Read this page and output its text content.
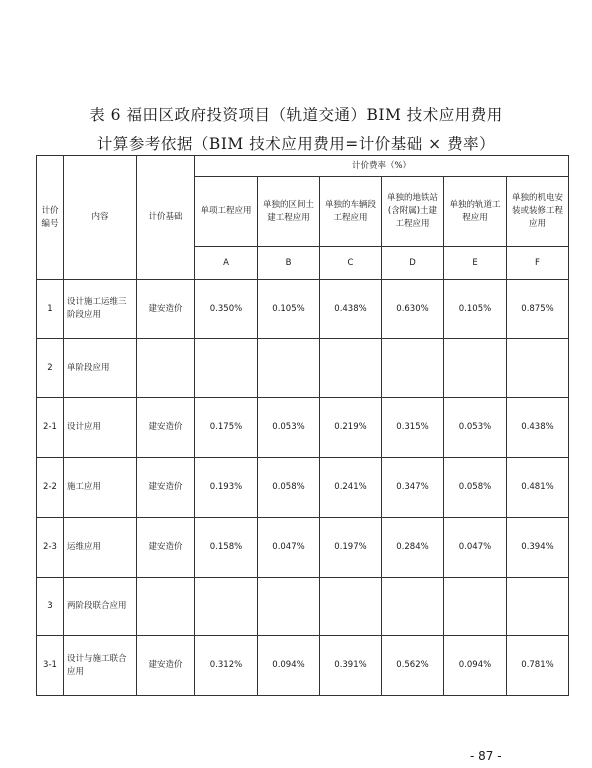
表 6 福田区政府投资项目（轨道交通）BIM 技术应用费用
计算参考依据（BIM 技术应用费用=计价基础 × 费率）
计价编号	内容	计价基础	计价费率（%）					
			单项工程应用	单独的区间土建工程应用	单独的车辆段工程应用	单独的地铁站(含附属)土建工程应用	单独的轨道工程应用	单独的机电安装或装修工程应用
			A	B	C	D	E	F
1	设计施工运维三阶段应用	建安造价	0.350%	0.105%	0.438%	0.630%	0.105%	0.875%
2	单阶段应用							
2-1	设计应用	建安造价	0.175%	0.053%	0.219%	0.315%	0.053%	0.438%
2-2	施工应用	建安造价	0.193%	0.058%	0.241%	0.347%	0.058%	0.481%
2-3	运维应用	建安造价	0.158%	0.047%	0.197%	0.284%	0.047%	0.394%
3	两阶段联合应用							
3-1	设计与施工联合应用	建安造价	0.312%	0.094%	0.391%	0.562%	0.094%	0.781%
- 87 -
